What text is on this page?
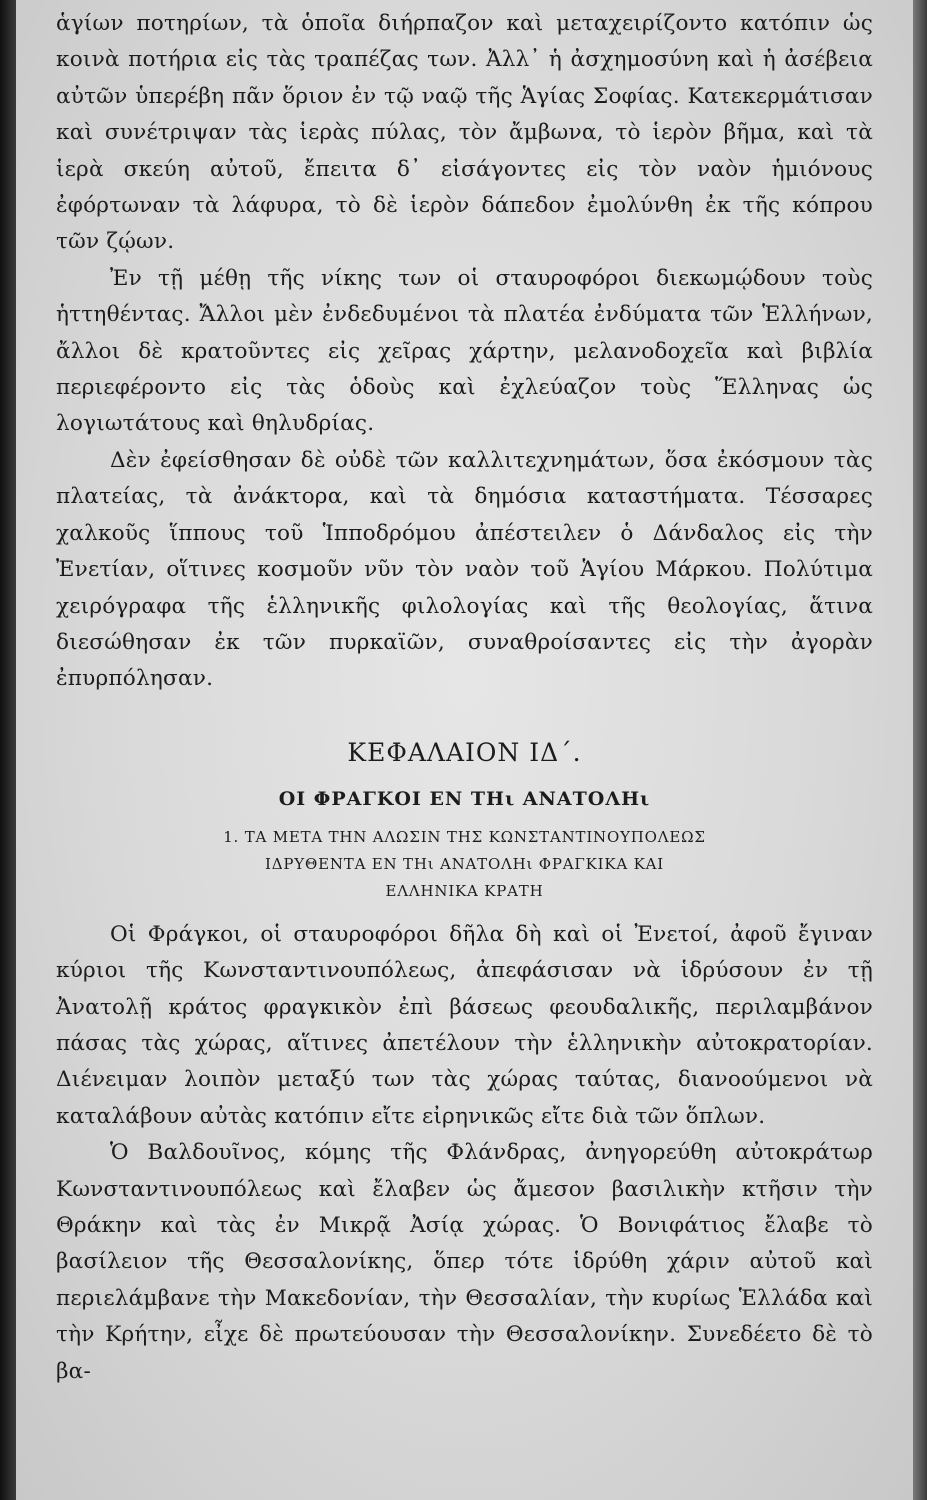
ἁγίων ποτηρίων, τὰ ὁποῖα διήρπαζον καὶ μεταχειρίζοντο κατόπιν ὡς κοινὰ ποτήρια εἰς τὰς τραπέζας των. Ἀλλ᾽ ἡ ἀσχημοσύνη καὶ ἡ ἀσέβεια αὐτῶν ὑπερέβη πᾶν ὅριον ἐν τῷ ναῷ τῆς Ἁγίας Σοφίας. Κατεκερμάτισαν καὶ συνέτριψαν τὰς ἱερὰς πύλας, τὸν ἄμβωνα, τὸ ἱερὸν βῆμα, καὶ τὰ ἱερὰ σκεύη αὐτοῦ, ἔπειτα δ᾽ εἰσάγοντες εἰς τὸν ναὸν ἡμιόνους ἐφόρτωναν τὰ λάφυρα, τὸ δὲ ἱερὸν δάπεδον ἐμολύνθη ἐκ τῆς κόπρου τῶν ζῴων.

Ἐν τῇ μέθῃ τῆς νίκης των οἱ σταυροφόροι διεκωμῴδουν τοὺς ἡττηθέντας. Ἄλλοι μὲν ἐνδεδυμένοι τὰ πλατέα ἐνδύματα τῶν Ἑλλήνων, ἄλλοι δὲ κρατοῦντες εἰς χεῖρας χάρτην, μελανοδοχεῖα καὶ βιβλία περιεφέροντο εἰς τὰς ὁδοὺς καὶ ἐχλεύαζον τοὺς Ἕλληνας ὡς λογιωτάτους καὶ θηλυδρίας.

Δὲν ἐφείσθησαν δὲ οὐδὲ τῶν καλλιτεχνημάτων, ὅσα ἐκόσμουν τὰς πλατείας, τὰ ἀνάκτορα, καὶ τὰ δημόσια καταστήματα. Τέσσαρες χαλκοῦς ἵππους τοῦ Ἱπποδρόμου ἀπέστειλεν ὁ Δάνδαλος εἰς τὴν Ἐνετίαν, οἵτινες κοσμοῦν νῦν τὸν ναὸν τοῦ Ἁγίου Μάρκου. Πολύτιμα χειρόγραφα τῆς ἑλληνικῆς φιλολογίας καὶ τῆς θεολογίας, ἅτινα διεσώθησαν ἐκ τῶν πυρκαϊῶν, συναθροίσαντες εἰς τὴν ἀγορὰν ἐπυρπόλησαν.

ΚΕΦΑΛΑΙΟΝ ΙΔ΄.
ΟΙ ΦΡΑΓΚΟΙ ΕΝ ΤΗι ΑΝΑΤΟΛΗι
1. ΤΑ ΜΕΤΑ ΤΗΝ ΑΛΩΣΙΝ ΤΗΣ ΚΩΝΣΤΑΝΤΙΝΟΥΠΟΛΕΩΣ
ΙΔΡΥΘΕΝΤΑ ΕΝ ΤΗι ΑΝΑΤΟΛΗι ΦΡΑΓΚΙΚΑ ΚΑΙ
ΕΛΛΗΝΙΚΑ ΚΡΑΤΗ

Οἱ Φράγκοι, οἱ σταυροφόροι δῆλα δὴ καὶ οἱ Ἐνετοί, ἀφοῦ ἔγιναν κύριοι τῆς Κωνσταντινουπόλεως, ἀπεφάσισαν νὰ ἱδρύσουν ἐν τῇ Ἀνατολῇ κράτος φραγκικὸν ἐπὶ βάσεως φεουδαλικῆς, περιλαμβάνον πάσας τὰς χώρας, αἵτινες ἀπετέλουν τὴν ἑλληνικὴν αὐτοκρατορίαν. Διένειμαν λοιπὸν μεταξύ των τὰς χώρας ταύτας, διανοούμενοι νὰ καταλάβουν αὐτὰς κατόπιν εἴτε εἰρηνικῶς εἴτε διὰ τῶν ὅπλων.

Ὁ Βαλδουῖνος, κόμης τῆς Φλάνδρας, ἀνηγορεύθη αὐτοκράτωρ Κωνσταντινουπόλεως καὶ ἔλαβεν ὡς ἄμεσον βασιλικὴν κτῆσιν τὴν Θράκην καὶ τὰς ἐν Μικρᾷ Ἀσίᾳ χώρας. Ὁ Βονιφάτιος ἔλαβε τὸ βασίλειον τῆς Θεσσαλονίκης, ὅπερ τότε ἱδρύθη χάριν αὐτοῦ καὶ περιελάμβανε τὴν Μακεδονίαν, τὴν Θεσσαλίαν, τὴν κυρίως Ἑλλάδα καὶ τὴν Κρήτην, εἶχε δὲ πρωτεύουσαν τὴν Θεσσαλονίκην. Συνεδέετο δὲ τὸ βα-
